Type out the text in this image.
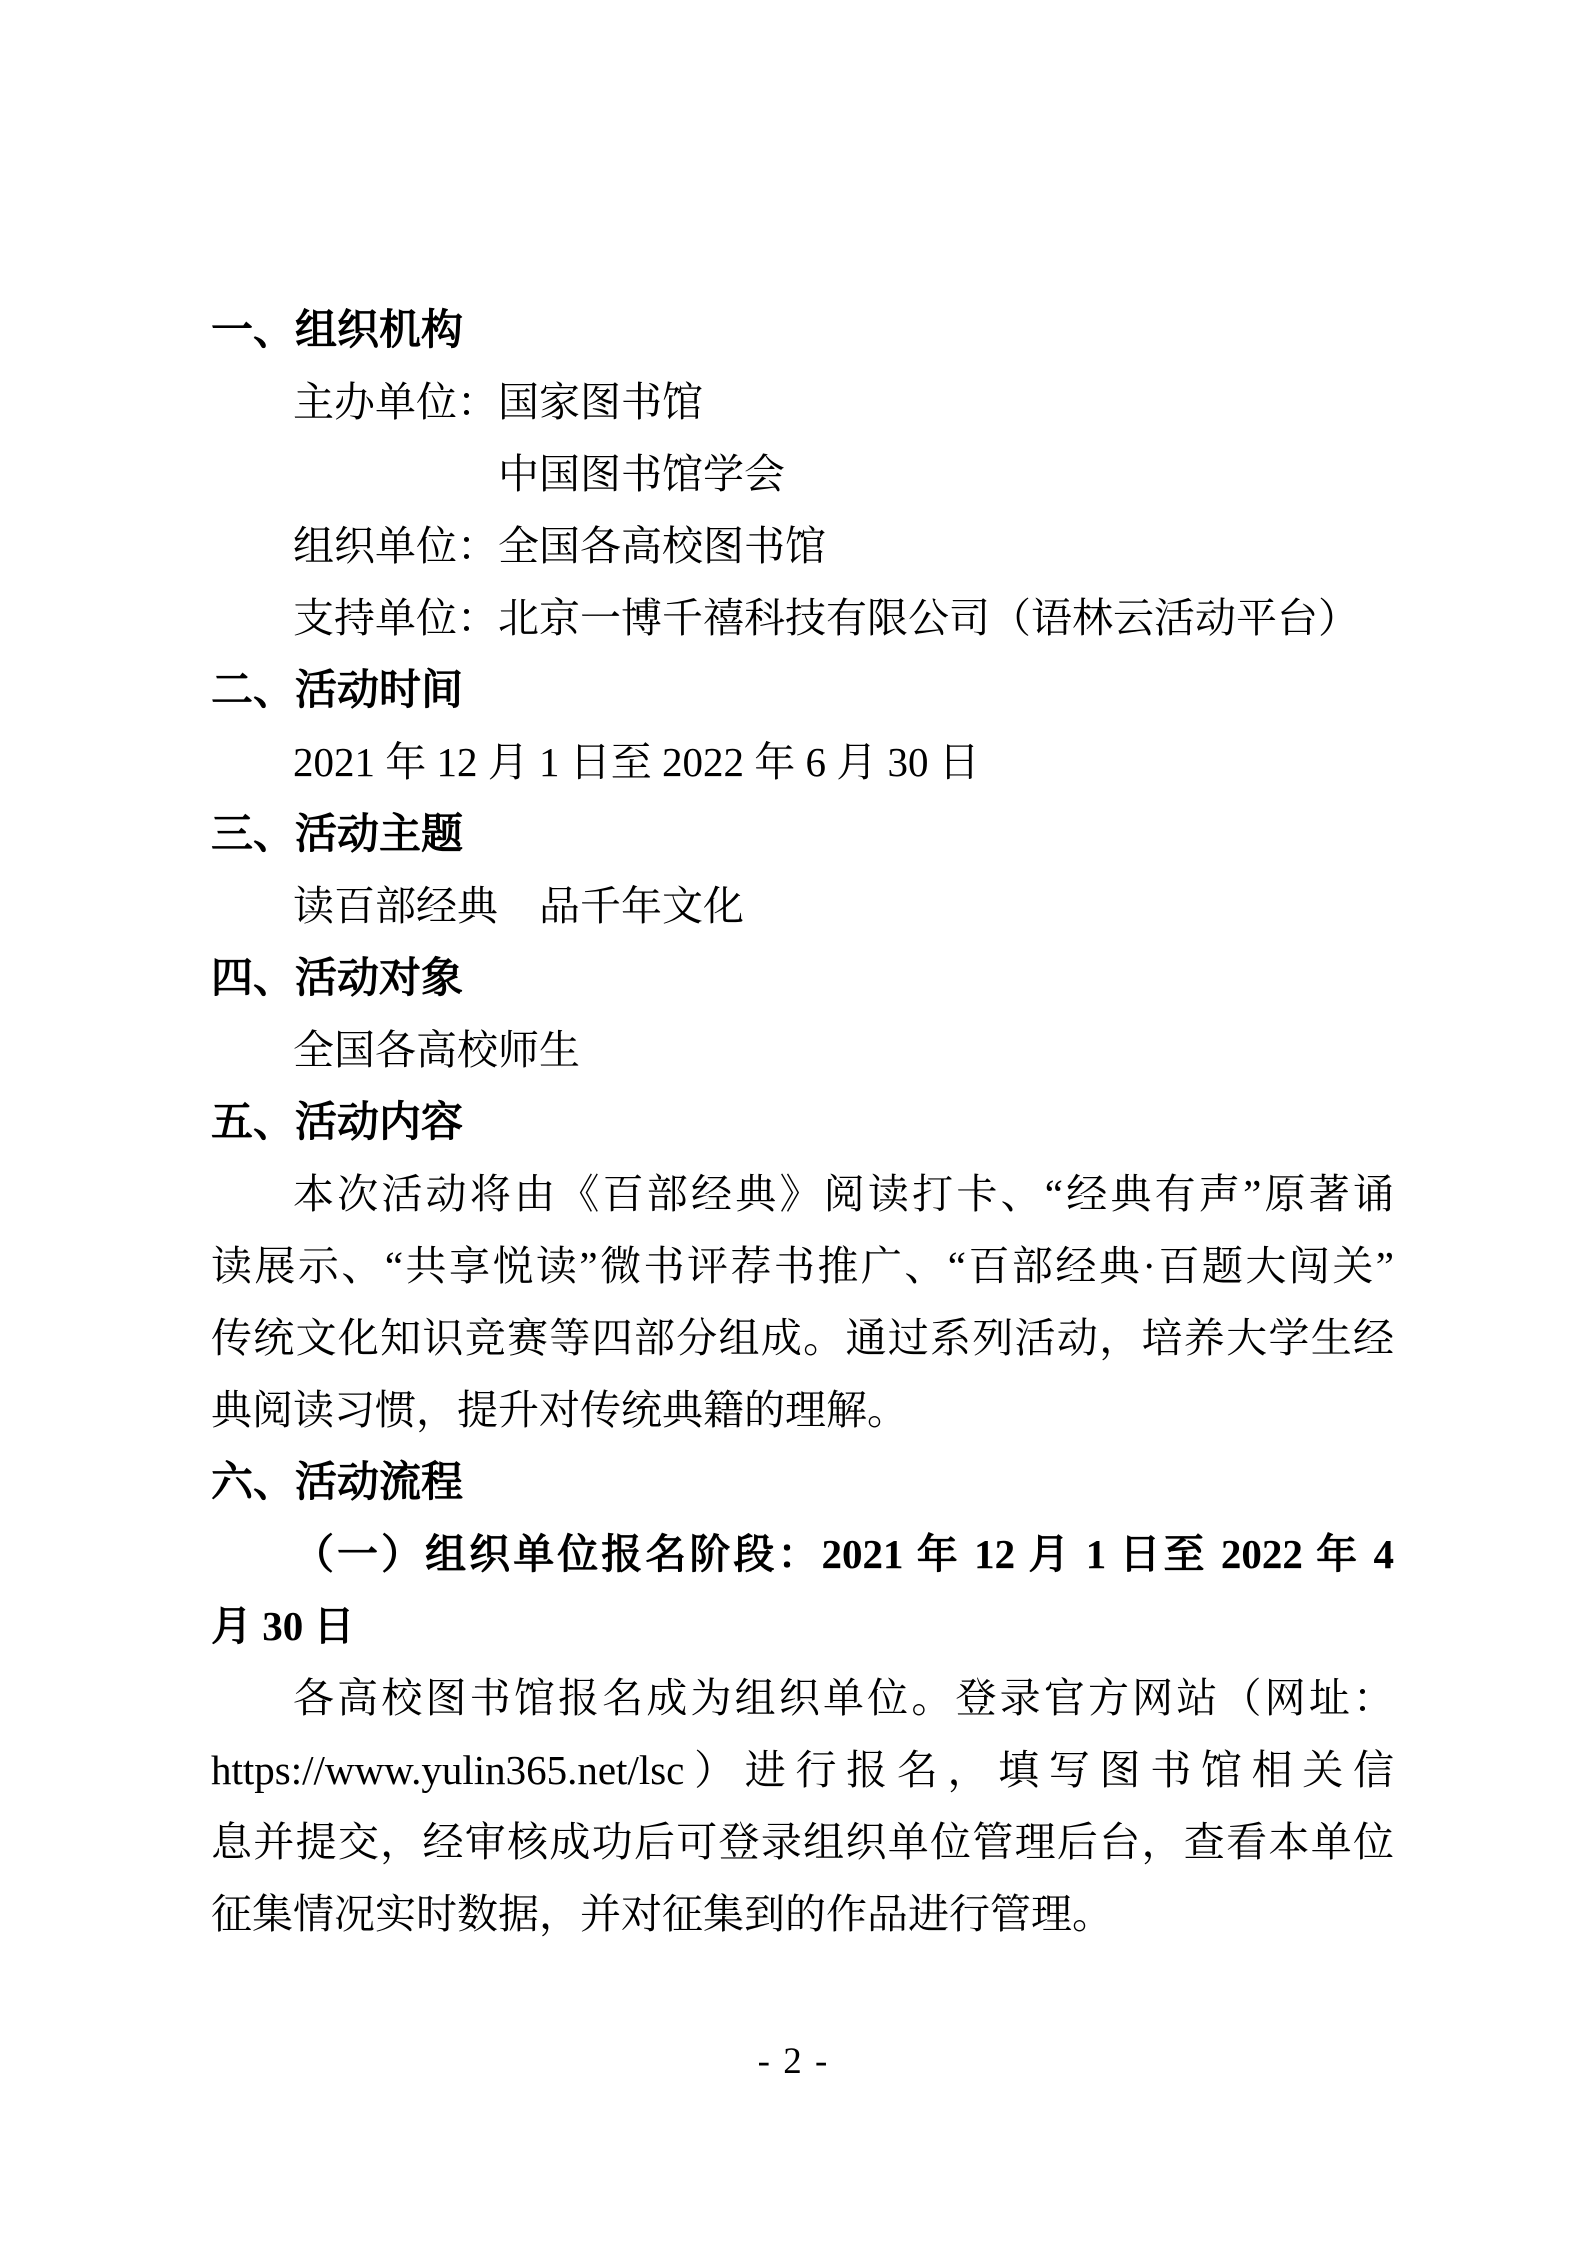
一、组织机构
主办单位：国家图书馆
中国图书馆学会
组织单位：全国各高校图书馆
支持单位：北京一博千禧科技有限公司（语林云活动平台）
二、活动时间
2021 年 12 月 1 日至 2022 年 6 月 30 日
三、活动主题
读百部经典　品千年文化
四、活动对象
全国各高校师生
五、活动内容
本次活动将由《百部经典》阅读打卡、“经典有声”原著诵
读展示、“共享悦读”微书评荐书推广、“百部经典·百题大闯关”
传统文化知识竞赛等四部分组成。通过系列活动，培养大学生经
典阅读习惯，提升对传统典籍的理解。
六、活动流程
（一）组织单位报名阶段：2021 年 12 月 1 日至 2022 年 4
月 30 日
各高校图书馆报名成为组织单位。登录官方网站（网址：
https://www.yulin365.net/lsc）进行报名，填写图书馆相关信
息并提交，经审核成功后可登录组织单位管理后台，查看本单位
征集情况实时数据，并对征集到的作品进行管理。
- 2 -
